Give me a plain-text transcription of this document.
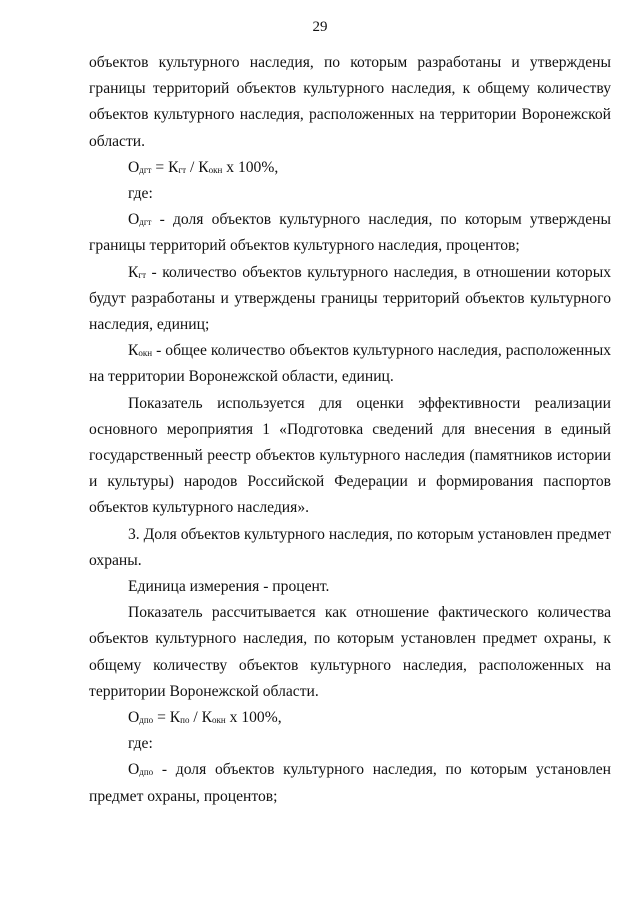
29

объектов культурного наследия, по которым разработаны и утверждены границы территорий объектов культурного наследия, к общему количеству объектов культурного наследия, расположенных на территории Воронежской области.

$О_{дгт} = К_{гт} / К_{окн}$ х 100%,

где:

$О_{дгт}$ - доля объектов культурного наследия, по которым утверждены границы территорий объектов культурного наследия, процентов;

$К_{гт}$ - количество объектов культурного наследия, в отношении которых будут разработаны и утверждены границы территорий объектов культурного наследия, единиц;

$К_{окн}$ - общее количество объектов культурного наследия, расположенных на территории Воронежской области, единиц.

Показатель используется для оценки эффективности реализации основного мероприятия 1 «Подготовка сведений для внесения в единый государственный реестр объектов культурного наследия (памятников истории и культуры) народов Российской Федерации и формирования паспортов объектов культурного наследия».

3. Доля объектов культурного наследия, по которым установлен предмет охраны.

Единица измерения - процент.

Показатель рассчитывается как отношение фактического количества объектов культурного наследия, по которым установлен предмет охраны, к общему количеству объектов культурного наследия, расположенных на территории Воронежской области.

$О_{дпо} = К_{по} / К_{окн}$ х 100%,

где:

$О_{дпо}$ - доля объектов культурного наследия, по которым установлен предмет охраны, процентов;
